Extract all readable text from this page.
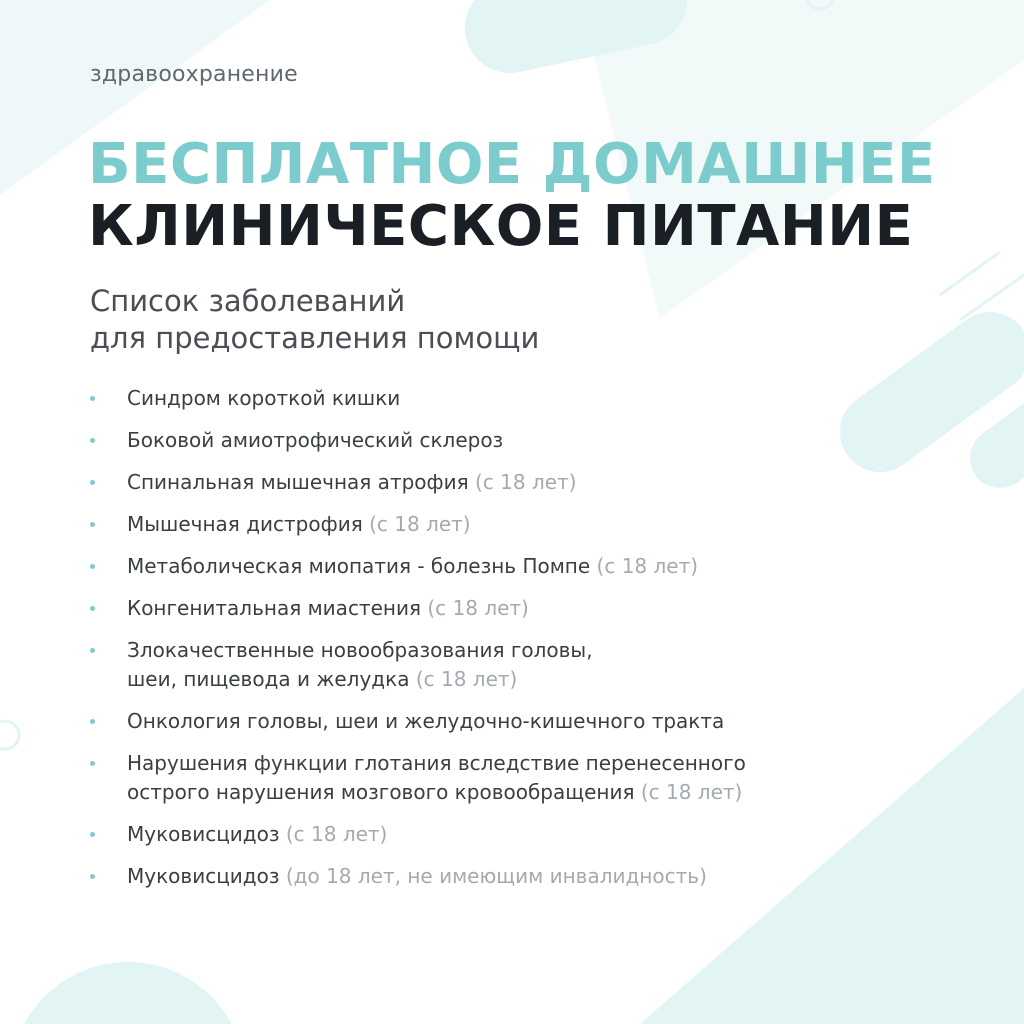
здравоохранение
БЕСПЛАТНОЕ ДОМАШНЕЕ
КЛИНИЧЕСКОЕ ПИТАНИЕ
Список заболеваний
для предоставления помощи
Синдром короткой кишки
Боковой амиотрофический склероз
Спинальная мышечная атрофия (с 18 лет)
Мышечная дистрофия (с 18 лет)
Метаболическая миопатия - болезнь Помпе (с 18 лет)
Конгенитальная миастения (с 18 лет)
Злокачественные новообразования головы,
шеи, пищевода и желудка (с 18 лет)
Онкология головы, шеи и желудочно-кишечного тракта
Нарушения функции глотания вследствие перенесенного
острого нарушения мозгового кровообращения (с 18 лет)
Муковисцидоз (с 18 лет)
Муковисцидоз (до 18 лет, не имеющим инвалидность)
